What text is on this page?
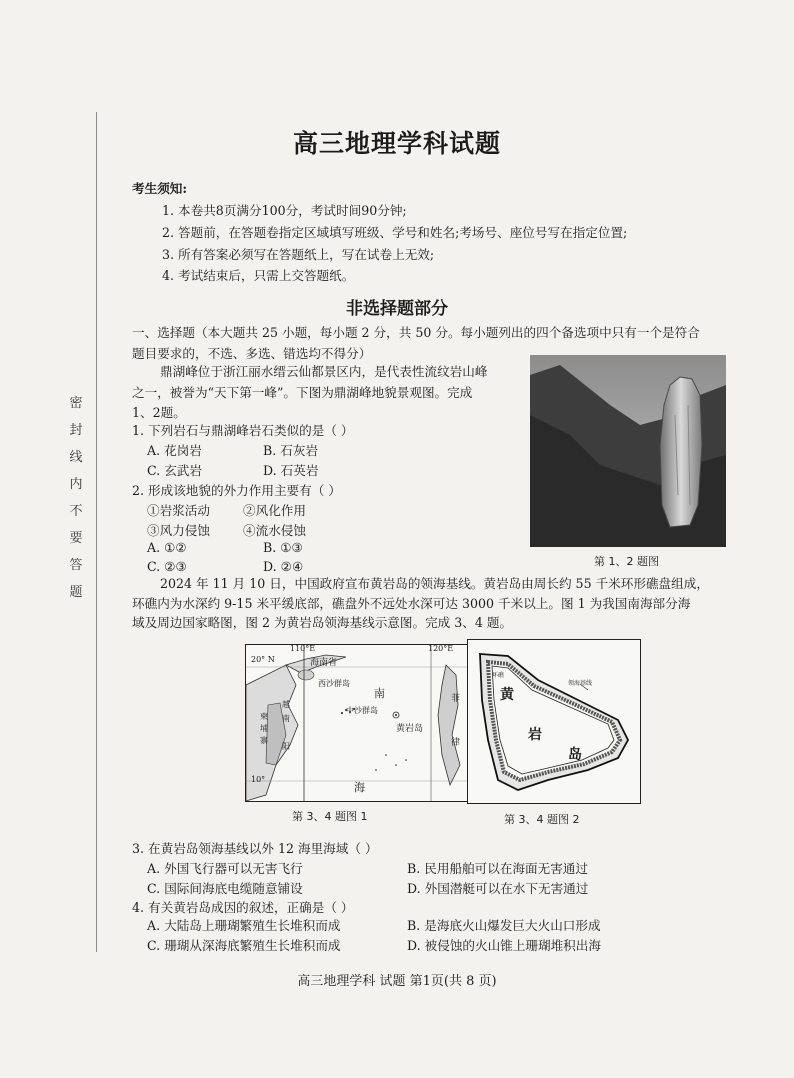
密封线内不要答题
高三地理学科试题
考生须知:
1. 本卷共8页满分100分，考试时间90分钟;
2. 答题前，在答题卷指定区域填写班级、学号和姓名;考场号、座位号写在指定位置;
3. 所有答案必须写在答题纸上，写在试卷上无效;
4. 考试结束后，只需上交答题纸。
非选择题部分
一、选择题（本大题共 25 小题，每小题 2 分，共 50 分。每小题列出的四个备选项中只有一个是符合
题目要求的，不选、多选、错选均不得分）
鼎湖峰位于浙江丽水缙云仙都景区内，是代表性流纹岩山峰
之一，被誉为“天下第一峰”。下图为鼎湖峰地貌景观图。完成
1、2题。
1. 下列岩石与鼎湖峰岩石类似的是（ ）
A. 花岗岩	B. 石灰岩
C. 玄武岩	D. 石英岩
2. 形成该地貌的外力作用主要有（ ）
①岩浆活动	②风化作用
③风力侵蚀	④流水侵蚀
A. ①②	B. ①③
C. ②③	D. ②④	第 1、2 题图
2024 年 11 月 10 日，中国政府宣布黄岩岛的领海基线。黄岩岛由周长约 55 千米环形礁盘组成，
环礁内为水深约 9-15 米平缓底部，礁盘外不远处水深可达 3000 千米以上。图 1 为我国南海部分海
域及周边国家略图，图 2 为黄岩岛领海基线示意图。完成 3、4 题。
110°E	120°E
20° N
10°
海南省
西沙群岛
中沙群岛
黄岩岛
南
海
菲
律
越
南
柬
埔
寨
阳
环礁
领海基线
黄
岩
岛
第 3、4 题图 1	第 3、4 题图 2
3. 在黄岩岛领海基线以外 12 海里海域（ ）
A. 外国飞行器可以无害飞行	B. 民用船舶可以在海面无害通过
C. 国际间海底电缆随意铺设	D. 外国潜艇可以在水下无害通过
4. 有关黄岩岛成因的叙述，正确是（ ）
A. 大陆岛上珊瑚繁殖生长堆积而成	B. 是海底火山爆发巨大火山口形成
C. 珊瑚从深海底繁殖生长堆积而成	D. 被侵蚀的火山锥上珊瑚堆积出海
高三地理学科 试题 第1页(共 8 页)
